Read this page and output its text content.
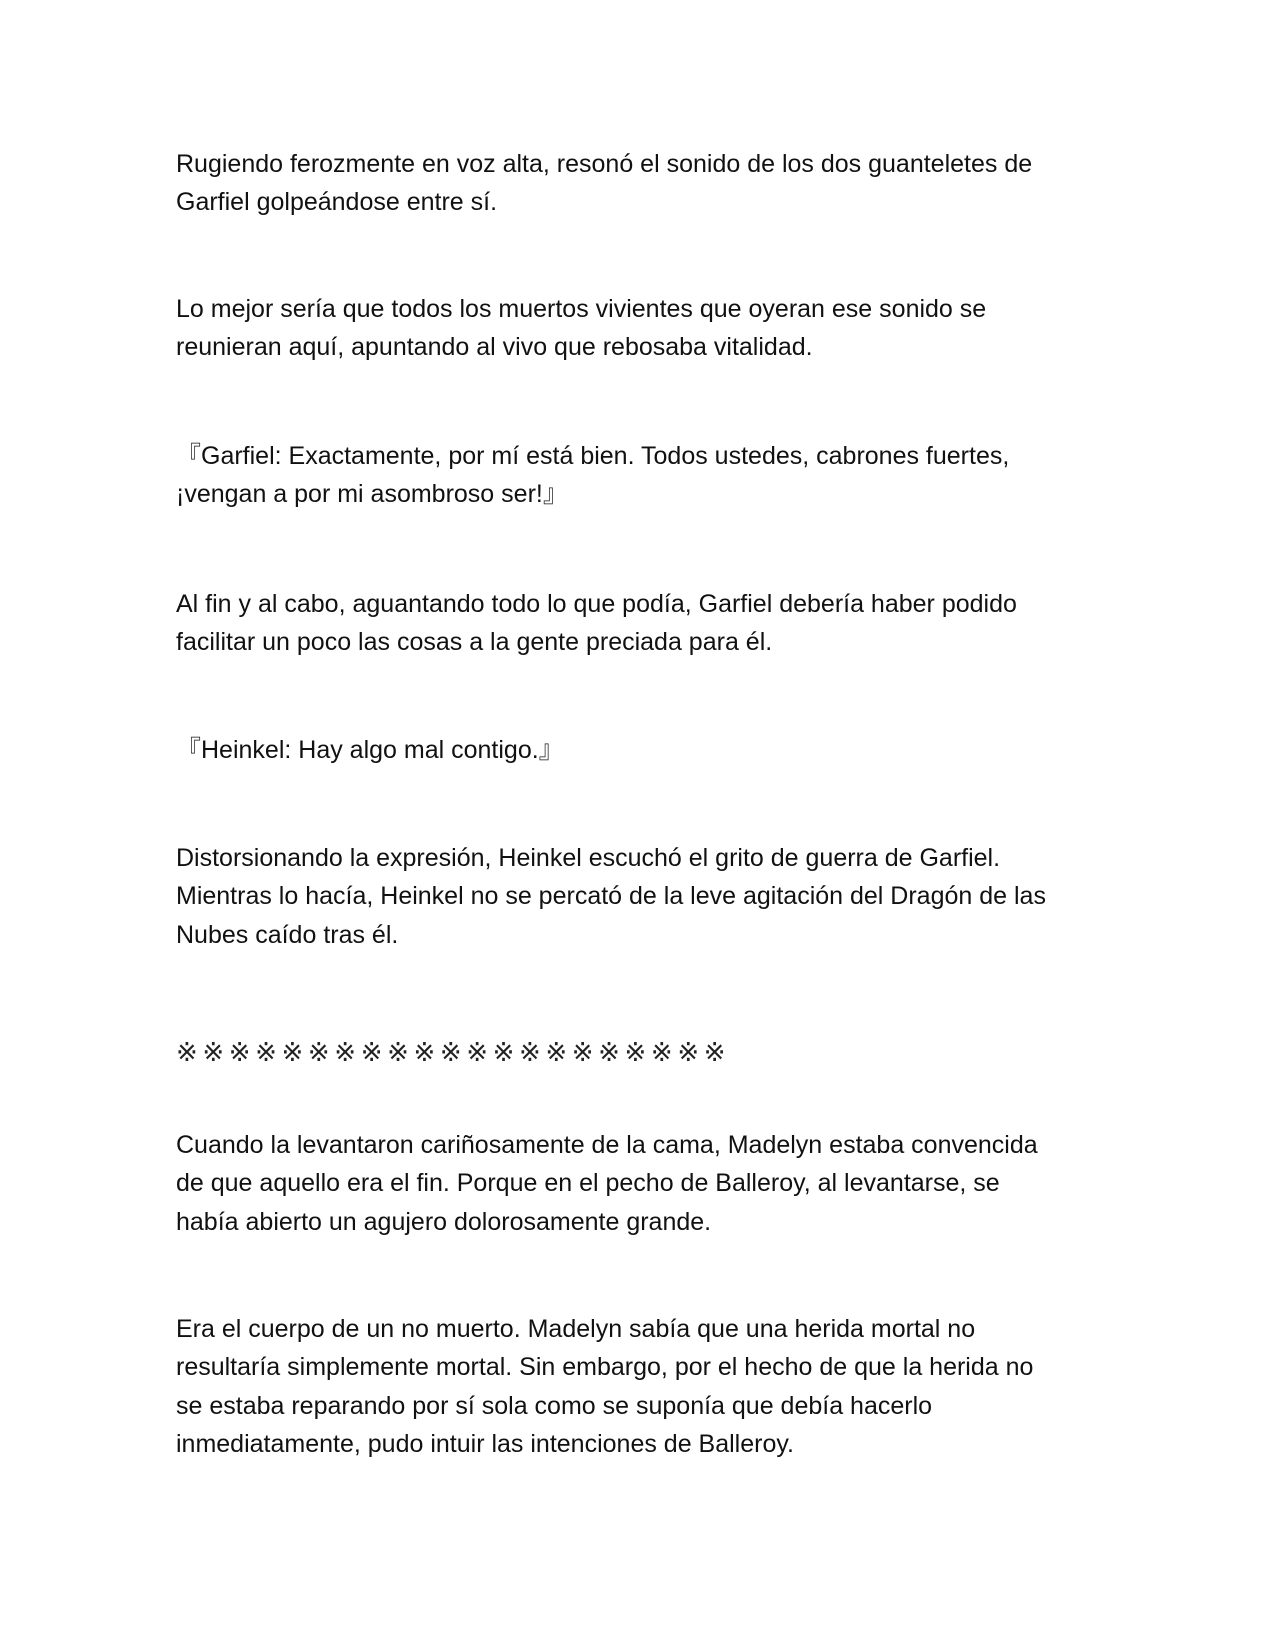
Rugiendo ferozmente en voz alta, resonó el sonido de los dos guanteletes de
Garfiel golpeándose entre sí.

Lo mejor sería que todos los muertos vivientes que oyeran ese sonido se
reunieran aquí, apuntando al vivo que rebosaba vitalidad.

『Garfiel: Exactamente, por mí está bien. Todos ustedes, cabrones fuertes,
¡vengan a por mi asombroso ser!』

Al fin y al cabo, aguantando todo lo que podía, Garfiel debería haber podido
facilitar un poco las cosas a la gente preciada para él.

『Heinkel: Hay algo mal contigo.』

Distorsionando la expresión, Heinkel escuchó el grito de guerra de Garfiel.
Mientras lo hacía, Heinkel no se percató de la leve agitación del Dragón de las
Nubes caído tras él.

※※※※※※※※※※※※※※※※※※※※※

Cuando la levantaron cariñosamente de la cama, Madelyn estaba convencida
de que aquello era el fin. Porque en el pecho de Balleroy, al levantarse, se
había abierto un agujero dolorosamente grande.

Era el cuerpo de un no muerto. Madelyn sabía que una herida mortal no
resultaría simplemente mortal. Sin embargo, por el hecho de que la herida no
se estaba reparando por sí sola como se suponía que debía hacerlo
inmediatamente, pudo intuir las intenciones de Balleroy.
